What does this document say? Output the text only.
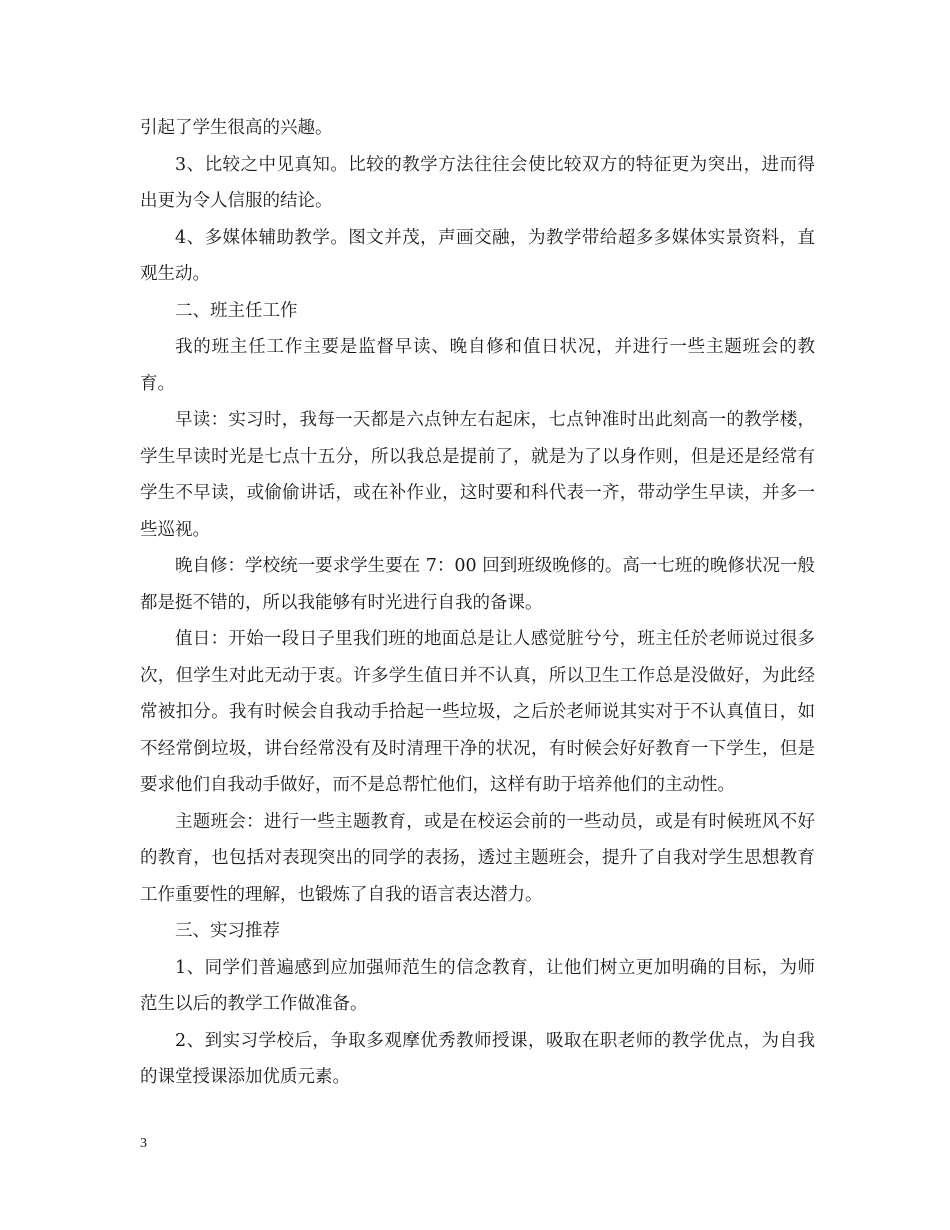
引起了学生很高的兴趣。

3、比较之中见真知。比较的教学方法往往会使比较双方的特征更为突出，进而得出更为令人信服的结论。

4、多媒体辅助教学。图文并茂，声画交融，为教学带给超多多媒体实景资料，直观生动。

二、班主任工作

我的班主任工作主要是监督早读、晚自修和值日状况，并进行一些主题班会的教育。

早读：实习时，我每一天都是六点钟左右起床，七点钟准时出此刻高一的教学楼，学生早读时光是七点十五分，所以我总是提前了，就是为了以身作则，但是还是经常有学生不早读，或偷偷讲话，或在补作业，这时要和科代表一齐，带动学生早读，并多一些巡视。

晚自修：学校统一要求学生要在 7：00 回到班级晚修的。高一七班的晚修状况一般都是挺不错的，所以我能够有时光进行自我的备课。

值日：开始一段日子里我们班的地面总是让人感觉脏兮兮，班主任於老师说过很多次，但学生对此无动于衷。许多学生值日并不认真，所以卫生工作总是没做好，为此经常被扣分。我有时候会自我动手拾起一些垃圾，之后於老师说其实对于不认真值日，如不经常倒垃圾，讲台经常没有及时清理干净的状况，有时候会好好教育一下学生，但是要求他们自我动手做好，而不是总帮忙他们，这样有助于培养他们的主动性。

主题班会：进行一些主题教育，或是在校运会前的一些动员，或是有时候班风不好的教育，也包括对表现突出的同学的表扬，透过主题班会，提升了自我对学生思想教育工作重要性的理解，也锻炼了自我的语言表达潜力。

三、实习推荐

1、同学们普遍感到应加强师范生的信念教育，让他们树立更加明确的目标，为师范生以后的教学工作做准备。

2、到实习学校后，争取多观摩优秀教师授课，吸取在职老师的教学优点，为自我的课堂授课添加优质元素。

3
